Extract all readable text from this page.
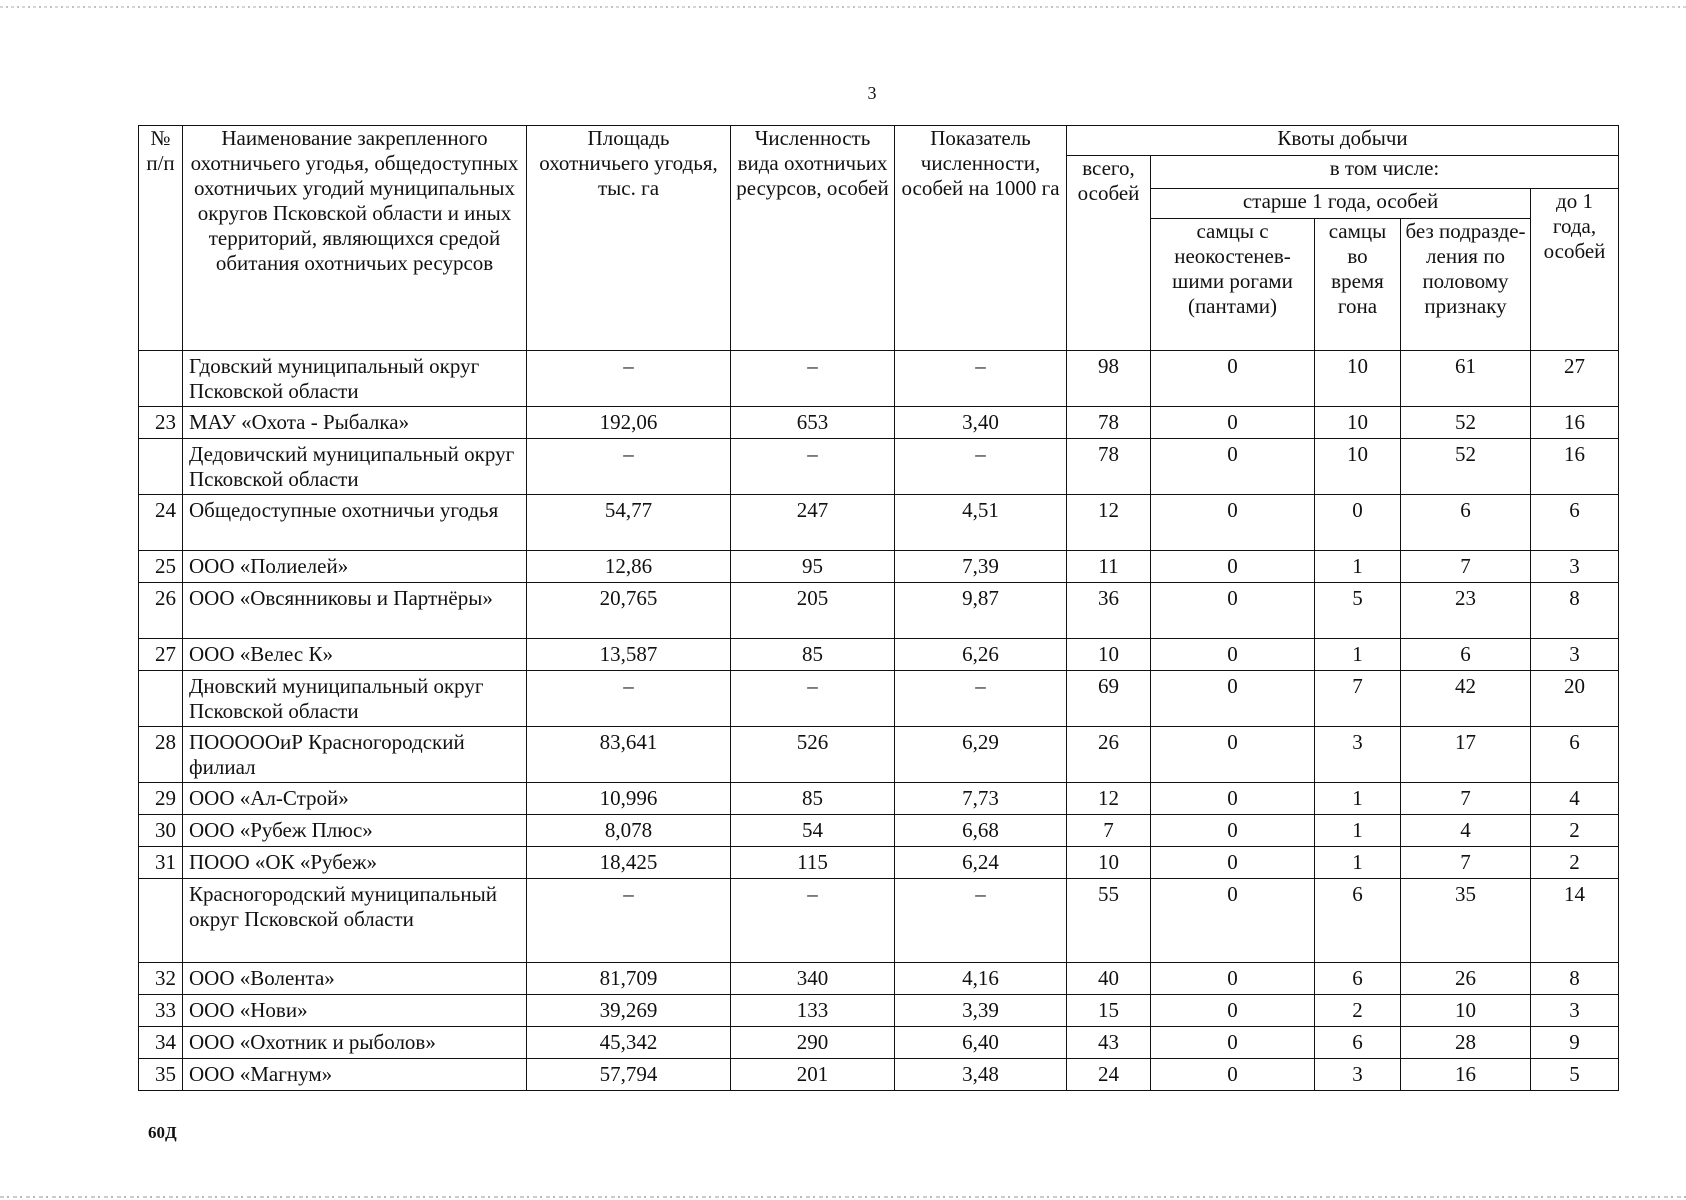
3
№ п/п	Наименование закрепленного охотничьего угодья, общедоступных охотничьих угодий муниципальных округов Псковской области и иных территорий, являющихся средой обитания охотничьих ресурсов	Площадь охотничьего угодья, тыс. га	Численность вида охотничьих ресурсов, особей	Показатель численности, особей на 1000 га	Квоты добычи				
					всего, особей	в том числе:			
						старше 1 года, особей			до 1 года, особей
						самцы с неокостенев- шими рогами (пантами)	самцы во время гона	без подразде- ления по половому признаку	
	Гдовский муниципальный округ Псковской области	–	–	–	98	0	10	61	27
23	МАУ «Охота - Рыбалка»	192,06	653	3,40	78	0	10	52	16
	Дедовичский муниципальный округ Псковской области	–	–	–	78	0	10	52	16
24	Общедоступные охотничьи угодья	54,77	247	4,51	12	0	0	6	6
25	ООО «Полиелей»	12,86	95	7,39	11	0	1	7	3
26	ООО «Овсянниковы и Партнёры»	20,765	205	9,87	36	0	5	23	8
27	ООО «Велес К»	13,587	85	6,26	10	0	1	6	3
	Дновский муниципальный округ Псковской области	–	–	–	69	0	7	42	20
28	ПОООООиР Красногородский филиал	83,641	526	6,29	26	0	3	17	6
29	ООО «Ал-Строй»	10,996	85	7,73	12	0	1	7	4
30	ООО «Рубеж Плюс»	8,078	54	6,68	7	0	1	4	2
31	ПООО «ОК «Рубеж»	18,425	115	6,24	10	0	1	7	2
	Красногородский муниципальный округ Псковской области	–	–	–	55	0	6	35	14
32	ООО «Волента»	81,709	340	4,16	40	0	6	26	8
33	ООО «Нови»	39,269	133	3,39	15	0	2	10	3
34	ООО «Охотник и рыболов»	45,342	290	6,40	43	0	6	28	9
35	ООО «Магнум»	57,794	201	3,48	24	0	3	16	5
60Д
